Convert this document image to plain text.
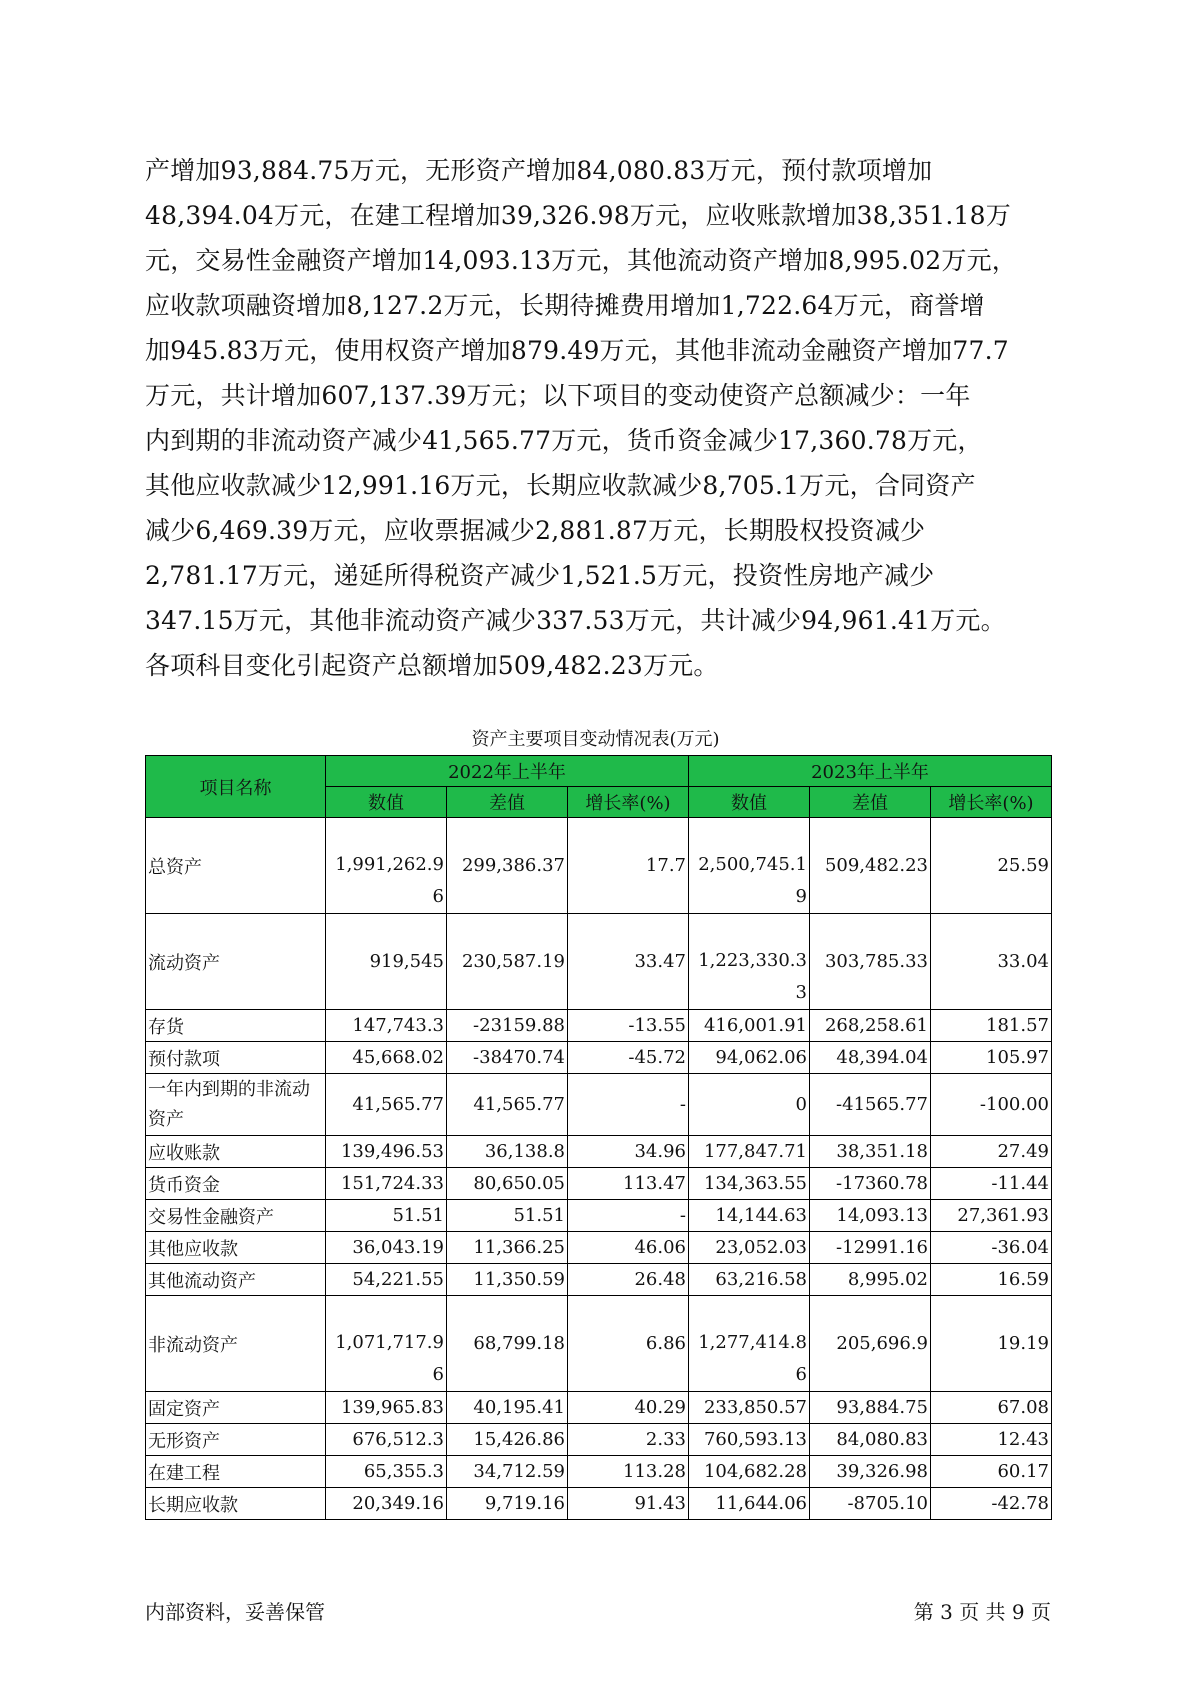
产增加93,884.75万元，无形资产增加84,080.83万元，预付款项增加

48,394.04万元，在建工程增加39,326.98万元，应收账款增加38,351.18万

元，交易性金融资产增加14,093.13万元，其他流动资产增加8,995.02万元，

应收款项融资增加8,127.2万元，长期待摊费用增加1,722.64万元，商誉增

加945.83万元，使用权资产增加879.49万元，其他非流动金融资产增加77.7

万元，共计增加607,137.39万元；以下项目的变动使资产总额减少：一年

内到期的非流动资产减少41,565.77万元，货币资金减少17,360.78万元，

其他应收款减少12,991.16万元，长期应收款减少8,705.1万元，合同资产

减少6,469.39万元，应收票据减少2,881.87万元，长期股权投资减少

2,781.17万元，递延所得税资产减少1,521.5万元，投资性房地产减少

347.15万元，其他非流动资产减少337.53万元，共计减少94,961.41万元。

各项科目变化引起资产总额增加509,482.23万元。

资产主要项目变动情况表(万元)
项目名称	2022年上半年			2023年上半年		
	数值	差值	增长率(%)	数值	差值	增长率(%)
总资产	1,991,262.96	299,386.37	17.7	2,500,745.19	509,482.23	25.59
流动资产	919,545	230,587.19	33.47	1,223,330.33	303,785.33	33.04
存货	147,743.3	-23159.88	-13.55	416,001.91	268,258.61	181.57
预付款项	45,668.02	-38470.74	-45.72	94,062.06	48,394.04	105.97
一年内到期的非流动资产	41,565.77	41,565.77	-	0	-41565.77	-100.00
应收账款	139,496.53	36,138.8	34.96	177,847.71	38,351.18	27.49
货币资金	151,724.33	80,650.05	113.47	134,363.55	-17360.78	-11.44
交易性金融资产	51.51	51.51	-	14,144.63	14,093.13	27,361.93
其他应收款	36,043.19	11,366.25	46.06	23,052.03	-12991.16	-36.04
其他流动资产	54,221.55	11,350.59	26.48	63,216.58	8,995.02	16.59
非流动资产	1,071,717.96	68,799.18	6.86	1,277,414.86	205,696.9	19.19
固定资产	139,965.83	40,195.41	40.29	233,850.57	93,884.75	67.08
无形资产	676,512.3	15,426.86	2.33	760,593.13	84,080.83	12.43
在建工程	65,355.3	34,712.59	113.28	104,682.28	39,326.98	60.17
长期应收款	20,349.16	9,719.16	91.43	11,644.06	-8705.10	-42.78
内部资料，妥善保管	第 3 页 共 9 页
